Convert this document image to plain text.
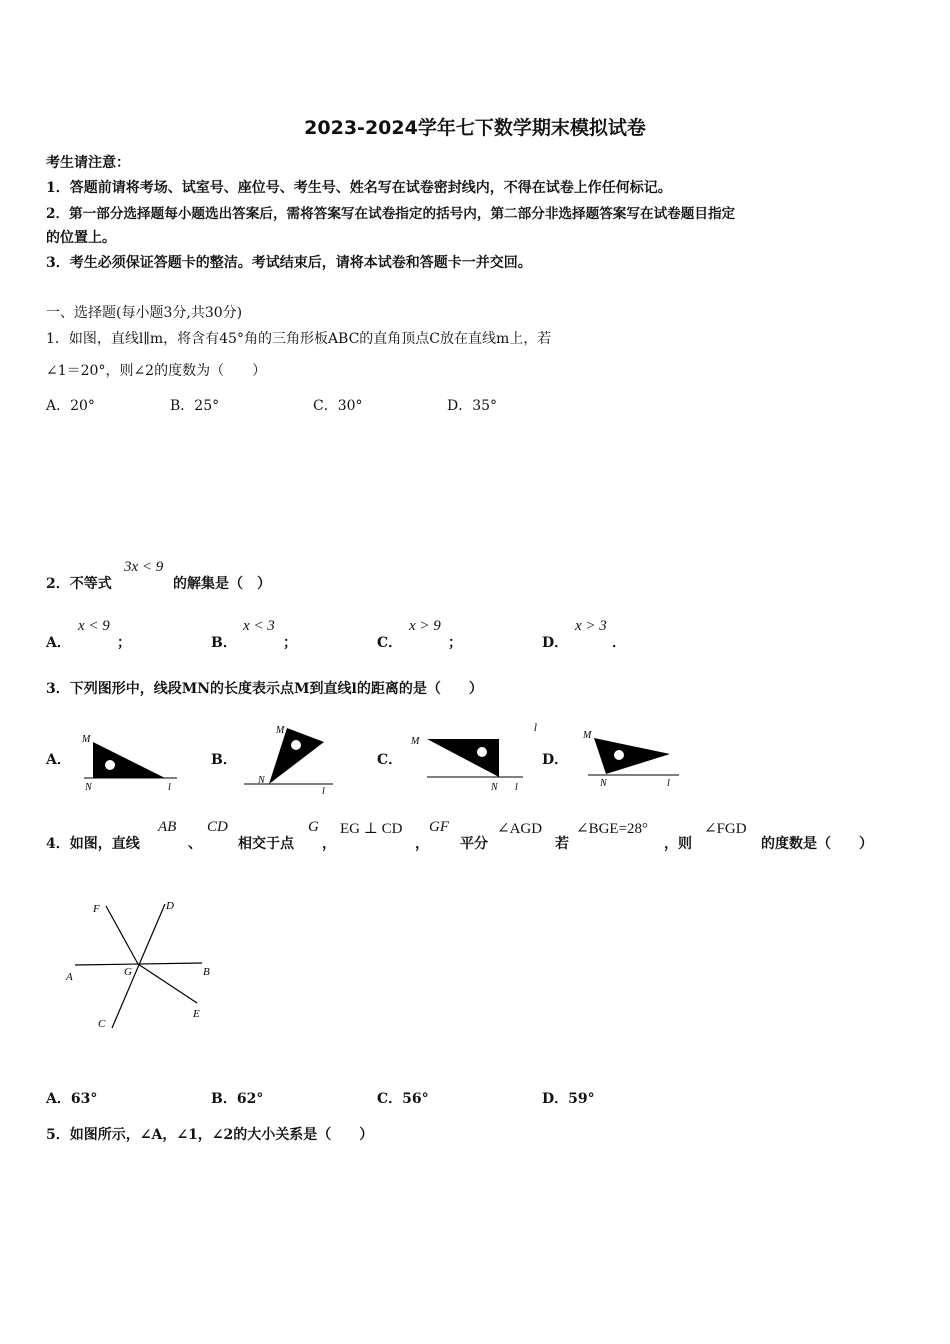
2023-2024学年七下数学期末模拟试卷
考生请注意：
1．答题前请将考场、试室号、座位号、考生号、姓名写在试卷密封线内，不得在试卷上作任何标记。
2．第一部分选择题每小题选出答案后，需将答案写在试卷指定的括号内，第二部分非选择题答案写在试卷题目指定
的位置上。
3．考生必须保证答题卡的整洁。考试结束后，请将本试卷和答题卡一并交回。
一、选择题(每小题3分,共30分)
1．如图，直线l∥m，将含有45°角的三角形板ABC的直角顶点C放在直线m上，若
∠1＝20°，则∠2的度数为（　　）
A．20°	B．25°	C．30°	D．35°
2．不等式
3x < 9
的解集是（　）
A．
x < 9
；	B．
x < 3
；	C．
x > 9
；	D．
x > 3
．
3．下列图形中，线段MN的长度表示点M到直线l的距离的是（　　）
A．
M
N	l
B．
M
N
l
C．
M
N l
l
D．
M
N	l
4．如图，直线
AB
、
CD
相交于点
G
，
EG ⊥ CD
，
GF
平分
∠AGD
若
∠BGE=28°
，则
∠FGD
的度数是（　　）
A	B
C
D
E
F
G
A．63°	B．62°	C．56°	D．59°
5．如图所示，∠A，∠1，∠2的大小关系是（　　）
